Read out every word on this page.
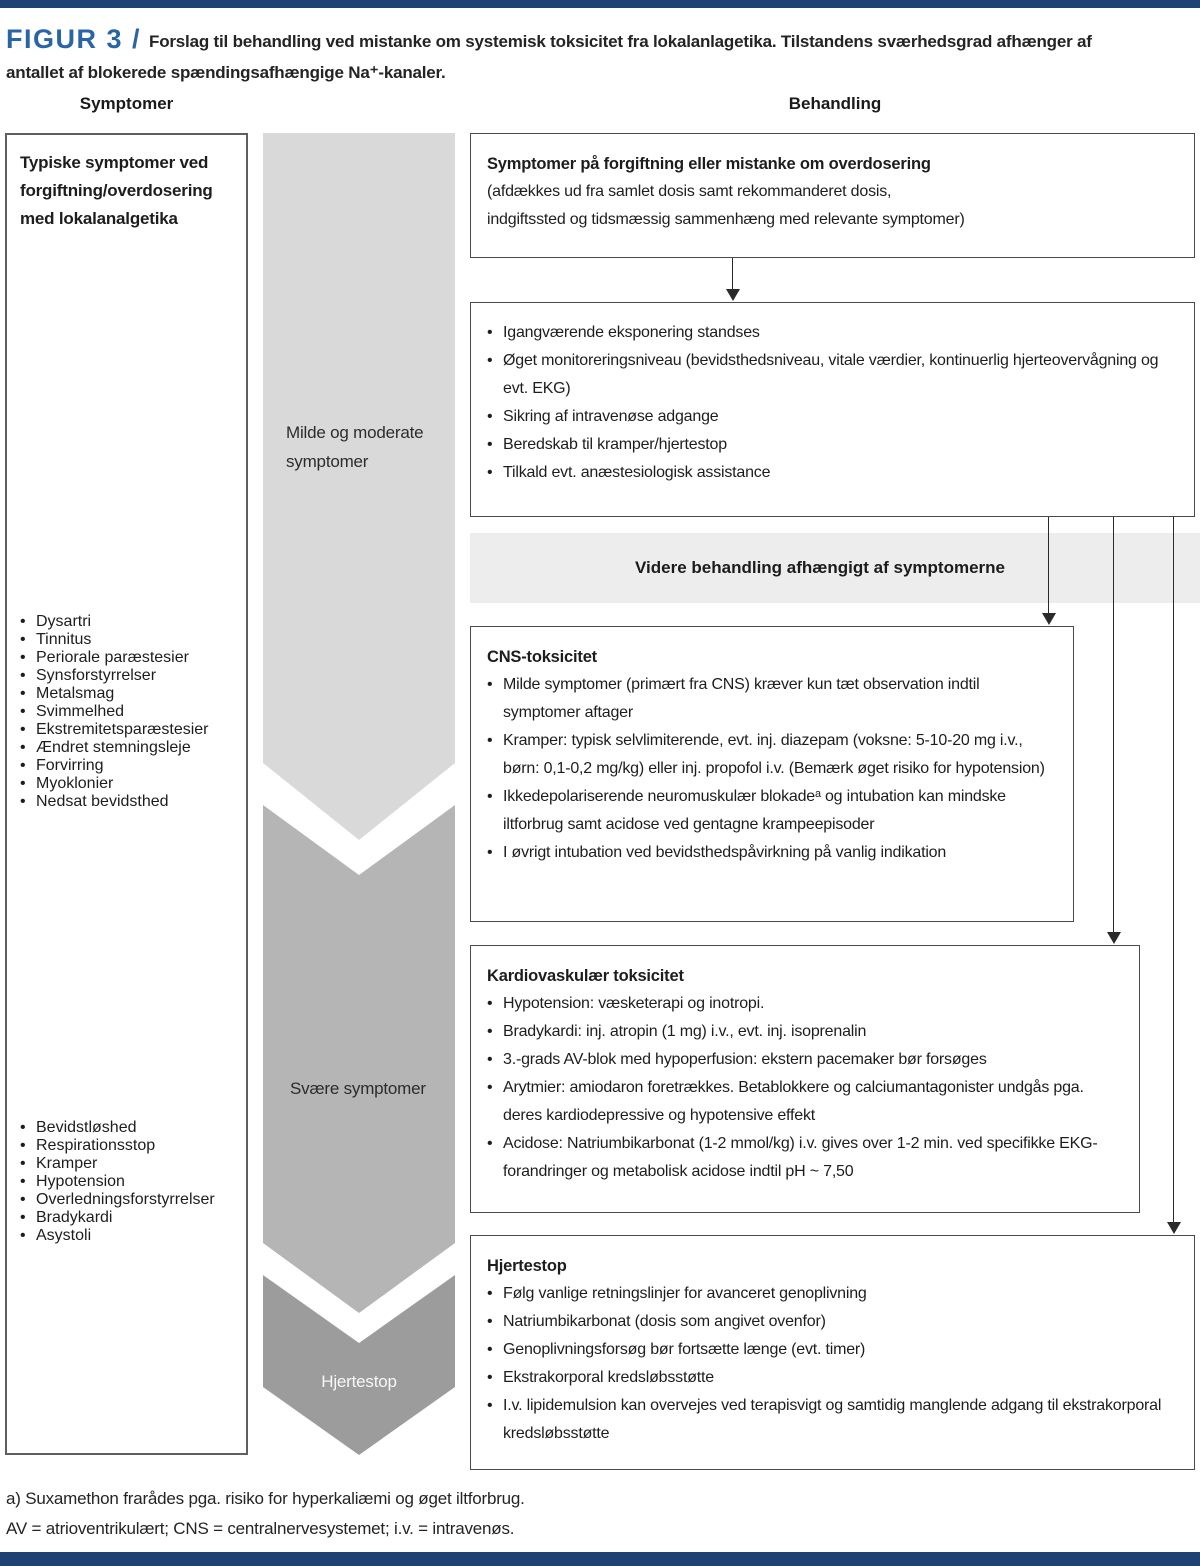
FIGUR 3 / Forslag til behandling ved mistanke om systemisk toksicitet fra lokalanlagetika. Tilstandens sværhedsgrad afhænger af
antallet af blokerede spændingsafhængige Na⁺-kanaler.
Symptomer	Behandling
Typiske symptomer ved forgiftning/overdosering med lokalanalgetika
• Dysartri
• Tinnitus
• Periorale paræstesier
• Synsforstyrrelser
• Metalsmag
• Svimmelhed
• Ekstremitetsparæstesier
• Ændret stemningsleje
• Forvirring
• Myoklonier
• Nedsat bevidsthed
• Bevidstløshed
• Respirationsstop
• Kramper
• Hypotension
• Overledningsforstyrrelser
• Bradykardi
• Asystoli
Milde og moderate symptomer
Svære symptomer
Hjertestop
Symptomer på forgiftning eller mistanke om overdosering
(afdækkes ud fra samlet dosis samt rekommanderet dosis,
indgiftssted og tidsmæssig sammenhæng med relevante symptomer)
• Igangværende eksponering standses
• Øget monitoreringsniveau (bevidsthedsniveau, vitale værdier, kontinuerlig hjerteovervågning og evt. EKG)
• Sikring af intravenøse adgange
• Beredskab til kramper/hjertestop
• Tilkald evt. anæstesiologisk assistance
Videre behandling afhængigt af symptomerne
CNS-toksicitet
• Milde symptomer (primært fra CNS) kræver kun tæt observation indtil symptomer aftager
• Kramper: typisk selvlimiterende, evt. inj. diazepam (voksne: 5-10-20 mg i.v., børn: 0,1-0,2 mg/kg) eller inj. propofol i.v. (Bemærk øget risiko for hypotension)
• Ikkedepolariserende neuromuskulær blokadeᵃ og intubation kan mindske iltforbrug samt acidose ved gentagne krampeepisoder
• I øvrigt intubation ved bevidsthedspåvirkning på vanlig indikation
Kardiovaskulær toksicitet
• Hypotension: væsketerapi og inotropi.
• Bradykardi: inj. atropin (1 mg) i.v., evt. inj. isoprenalin
• 3.-grads AV-blok med hypoperfusion: ekstern pacemaker bør forsøges
• Arytmier: amiodaron foretrækkes. Betablokkere og calciumantagonister undgås pga. deres kardiodepressive og hypotensive effekt
• Acidose: Natriumbikarbonat (1-2 mmol/kg) i.v. gives over 1-2 min. ved specifikke EKG-forandringer og metabolisk acidose indtil pH ~ 7,50
Hjertestop
• Følg vanlige retningslinjer for avanceret genoplivning
• Natriumbikarbonat (dosis som angivet ovenfor)
• Genoplivningsforsøg bør fortsætte længe (evt. timer)
• Ekstrakorporal kredsløbsstøtte
• I.v. lipidemulsion kan overvejes ved terapisvigt og samtidig manglende adgang til ekstrakorporal kredsløbsstøtte
a) Suxamethon frarådes pga. risiko for hyperkaliæmi og øget iltforbrug.
AV = atrioventrikulært; CNS = centralnervesystemet; i.v. = intravenøs.
